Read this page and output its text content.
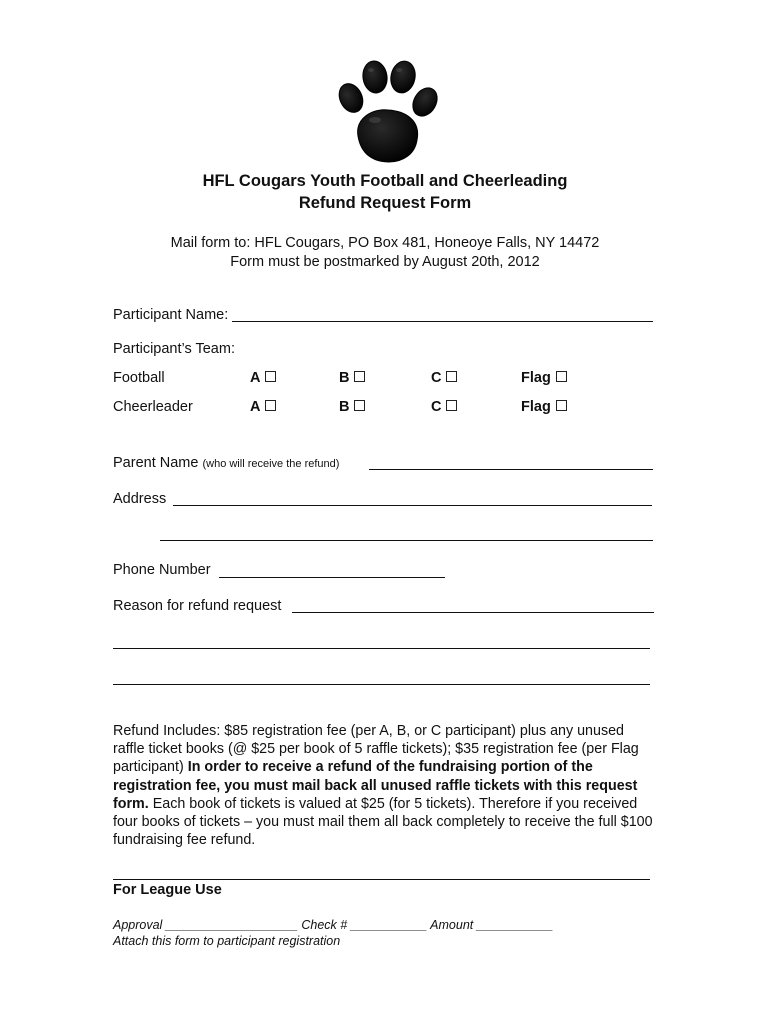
HFL Cougars Youth Football and Cheerleading
Refund Request Form
Mail form to: HFL Cougars, PO Box 481, Honeoye Falls, NY 14472
Form must be postmarked by August 20th, 2012
Participant Name:
Participant’s Team:
Football	A	B	C	Flag
Cheerleader	A	B	C	Flag
Parent Name (who will receive the refund)
Address
Phone Number
Reason for refund request
Refund Includes: $85 registration fee (per A, B, or C participant) plus any unused raffle ticket books (@ $25 per book of 5 raffle tickets); $35 registration fee (per Flag participant) In order to receive a refund of the fundraising portion of the registration fee, you must mail back all unused raffle tickets with this request form. Each book of tickets is valued at $25 (for 5 tickets). Therefore if you received four books of tickets – you must mail them all back completely to receive the full $100 fundraising fee refund.
For League Use
Approval ___________________ Check # ___________ Amount ___________
Attach this form to participant registration
